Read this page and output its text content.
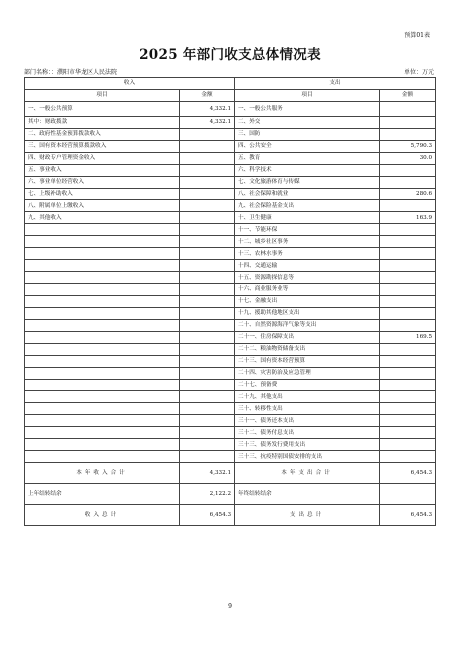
预算01表
2025 年部门收支总体情况表
部门名称：：濮阳市华龙区人民法院	单位：万元
收入		支出	
项目	金额	项目	金额
一、一般公共预算	4,332.1	一、一般公共服务	
其中：财政拨款	4,332.1	二、外交	
二、政府性基金预算拨款收入		三、国防	
三、国有资本经营预算拨款收入		四、公共安全	5,790.3
四、财政专户管理资金收入		五、教育	30.0
五、事业收入		六、科学技术	
六、事业单位经营收入		七、文化旅游体育与传媒	
七、上级补助收入		八、社会保障和就业	280.6
八、附属单位上缴收入		九、社会保险基金支出	
九、其他收入		十、卫生健康	163.9
		十一、节能环保	
		十二、城乡社区事务	
		十三、农林水事务	
		十四、交通运输	
		十五、资源勘探信息等	
		十六、商业服务业等	
		十七、金融支出	
		十九、援助其他地区支出	
		二十、自然资源海洋气象等支出	
		二十一、住房保障支出	169.5
		二十二、粮油物资储备支出	
		二十三、国有资本经营预算	
		二十四、灾害防治及应急管理	
		二十七、预备费	
		二十九、其他支出	
		三十、转移性支出	
		三十一、债务还本支出	
		三十二、债务付息支出	
		三十三、债务发行费用支出	
		三十三、抗疫特别国债安排的支出	
本年收入合计	4,332.1	本年支出合计	6,454.3
上年结转结余	2,122.2	年终结转结余	
收入总计	6,454.3	支出总计	6,454.3
9
